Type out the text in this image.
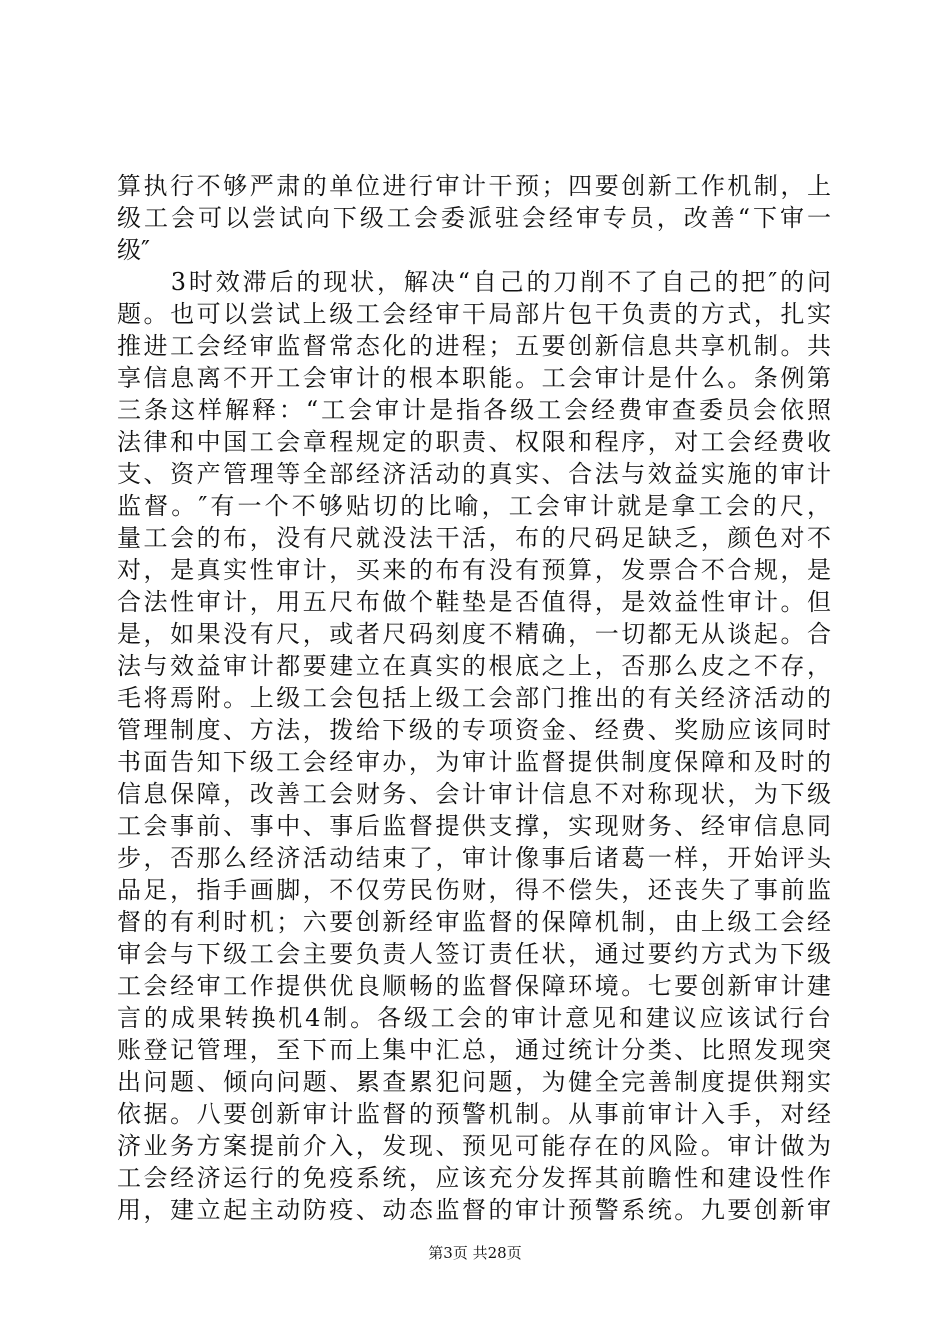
算执行不够严肃的单位进行审计干预；四要创新工作机制，上
级工会可以尝试向下级工会委派驻会经审专员，改善“下审一
级″
　　3时效滞后的现状，解决“自己的刀削不了自己的把″的问
题。也可以尝试上级工会经审干局部片包干负责的方式，扎实
推进工会经审监督常态化的进程；五要创新信息共享机制。共
享信息离不开工会审计的根本职能。工会审计是什么。条例第
三条这样解释：“工会审计是指各级工会经费审查委员会依照
法律和中国工会章程规定的职责、权限和程序，对工会经费收
支、资产管理等全部经济活动的真实、合法与效益实施的审计
监督。″有一个不够贴切的比喻，工会审计就是拿工会的尺，
量工会的布，没有尺就没法干活，布的尺码足缺乏，颜色对不
对，是真实性审计，买来的布有没有预算，发票合不合规，是
合法性审计，用五尺布做个鞋垫是否值得，是效益性审计。但
是，如果没有尺，或者尺码刻度不精确，一切都无从谈起。合
法与效益审计都要建立在真实的根底之上，否那么皮之不存，
毛将焉附。上级工会包括上级工会部门推出的有关经济活动的
管理制度、方法，拨给下级的专项资金、经费、奖励应该同时
书面告知下级工会经审办，为审计监督提供制度保障和及时的
信息保障，改善工会财务、会计审计信息不对称现状，为下级
工会事前、事中、事后监督提供支撑，实现财务、经审信息同
步，否那么经济活动结束了，审计像事后诸葛一样，开始评头
品足，指手画脚，不仅劳民伤财，得不偿失，还丧失了事前监
督的有利时机；六要创新经审监督的保障机制，由上级工会经
审会与下级工会主要负责人签订责任状，通过要约方式为下级
工会经审工作提供优良顺畅的监督保障环境。七要创新审计建
言的成果转换机4制。各级工会的审计意见和建议应该试行台
账登记管理，至下而上集中汇总，通过统计分类、比照发现突
出问题、倾向问题、累查累犯问题，为健全完善制度提供翔实
依据。八要创新审计监督的预警机制。从事前审计入手，对经
济业务方案提前介入，发现、预见可能存在的风险。审计做为
工会经济运行的免疫系统，应该充分发挥其前瞻性和建设性作
用，建立起主动防疫、动态监督的审计预警系统。九要创新审
第3页 共28页
